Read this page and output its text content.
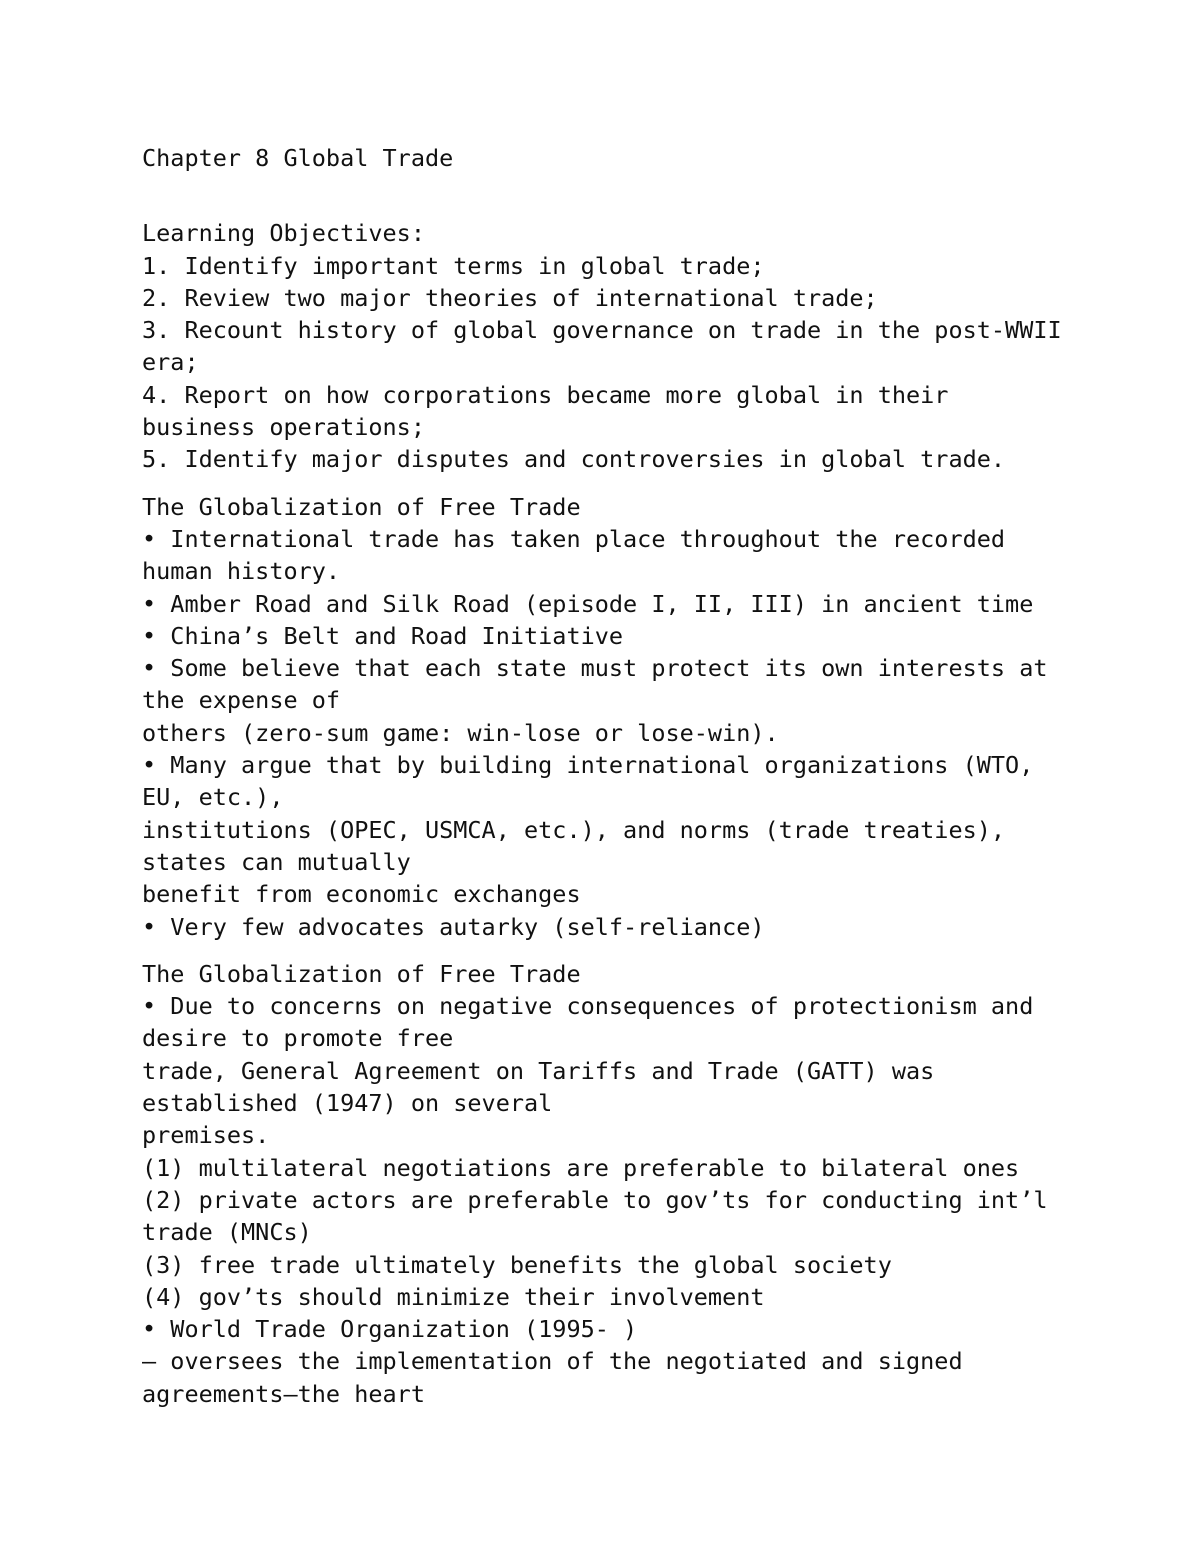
Chapter 8 Global Trade
Learning Objectives:
1. Identify important terms in global trade;
2. Review two major theories of international trade;
3. Recount history of global governance on trade in the post-WWII
era;
4. Report on how corporations became more global in their
business operations;
5. Identify major disputes and controversies in global trade.
The Globalization of Free Trade
• International trade has taken place throughout the recorded
human history.
• Amber Road and Silk Road (episode I, II, III) in ancient time
• China’s Belt and Road Initiative
• Some believe that each state must protect its own interests at
the expense of
others (zero-sum game: win-lose or lose-win).
• Many argue that by building international organizations (WTO,
EU, etc.),
institutions (OPEC, USMCA, etc.), and norms (trade treaties),
states can mutually
benefit from economic exchanges
• Very few advocates autarky (self-reliance)
The Globalization of Free Trade
• Due to concerns on negative consequences of protectionism and
desire to promote free
trade, General Agreement on Tariffs and Trade (GATT) was
established (1947) on several
premises.
(1) multilateral negotiations are preferable to bilateral ones
(2) private actors are preferable to gov’ts for conducting int’l
trade (MNCs)
(3) free trade ultimately benefits the global society
(4) gov’ts should minimize their involvement
• World Trade Organization (1995- )
– oversees the implementation of the negotiated and signed
agreements–the heart
